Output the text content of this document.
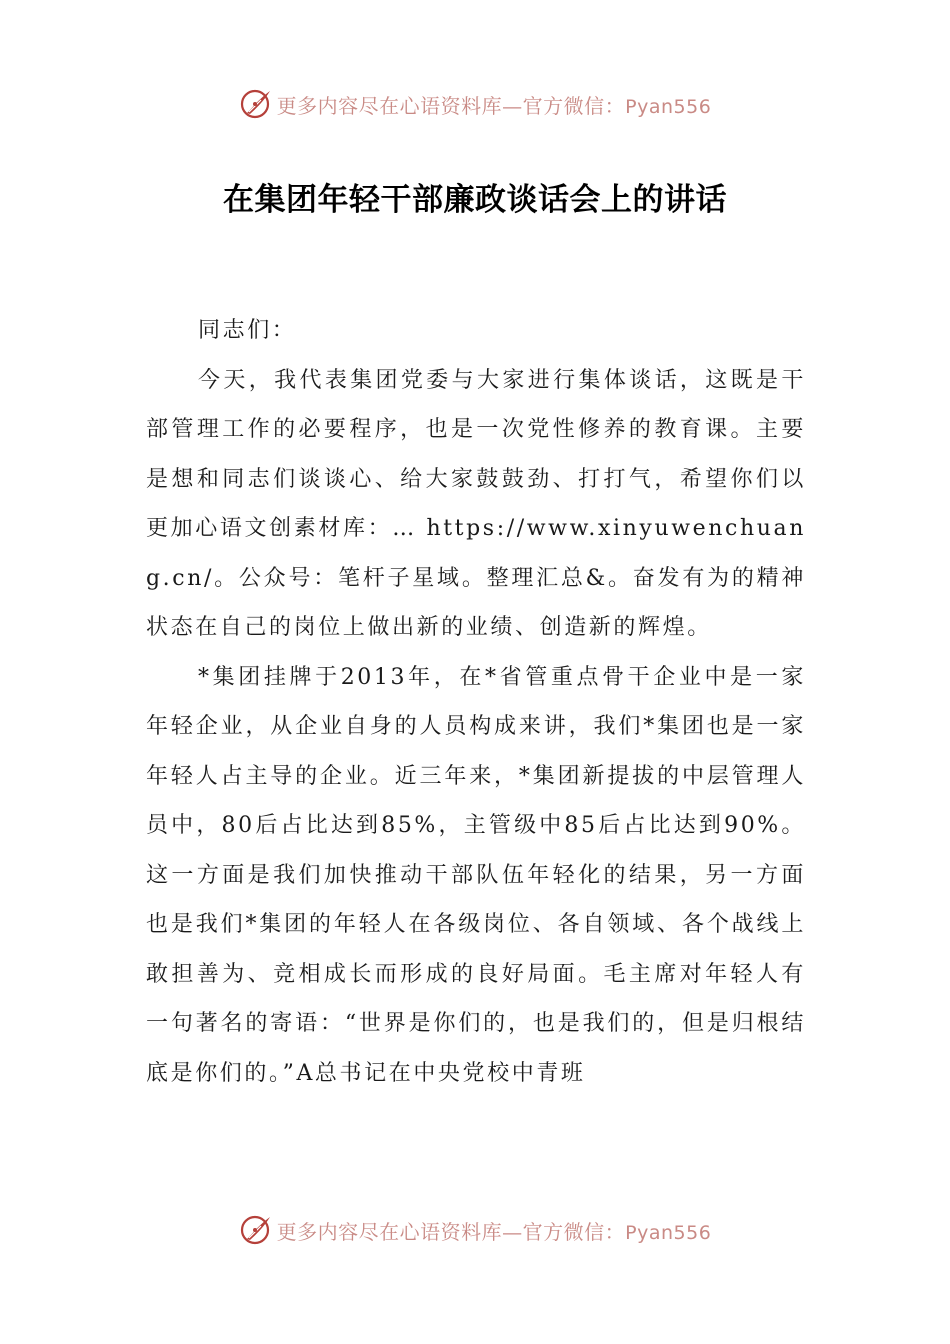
更多内容尽在心语资料库—官方微信：Pyan556
在集团年轻干部廉政谈话会上的讲话

同志们：

今天，我代表集团党委与大家进行集体谈话，这既是干部管理工作的必要程序，也是一次党性修养的教育课。主要是想和同志们谈谈心、给大家鼓鼓劲、打打气，希望你们以更加心语文创素材库：… https://www.xinyuwenchuang.cn/。公众号：笔杆子星域。整理汇总&。奋发有为的精神状态在自己的岗位上做出新的业绩、创造新的辉煌。

*集团挂牌于2013年，在*省管重点骨干企业中是一家年轻企业，从企业自身的人员构成来讲，我们*集团也是一家年轻人占主导的企业。近三年来，*集团新提拔的中层管理人员中，80后占比达到85%，主管级中85后占比达到90%。这一方面是我们加快推动干部队伍年轻化的结果，另一方面也是我们*集团的年轻人在各级岗位、各自领域、各个战线上敢担善为、竞相成长而形成的良好局面。毛主席对年轻人有一句著名的寄语：“世界是你们的，也是我们的，但是归根结底是你们的。”A总书记在中央党校中青班

更多内容尽在心语资料库—官方微信：Pyan556
